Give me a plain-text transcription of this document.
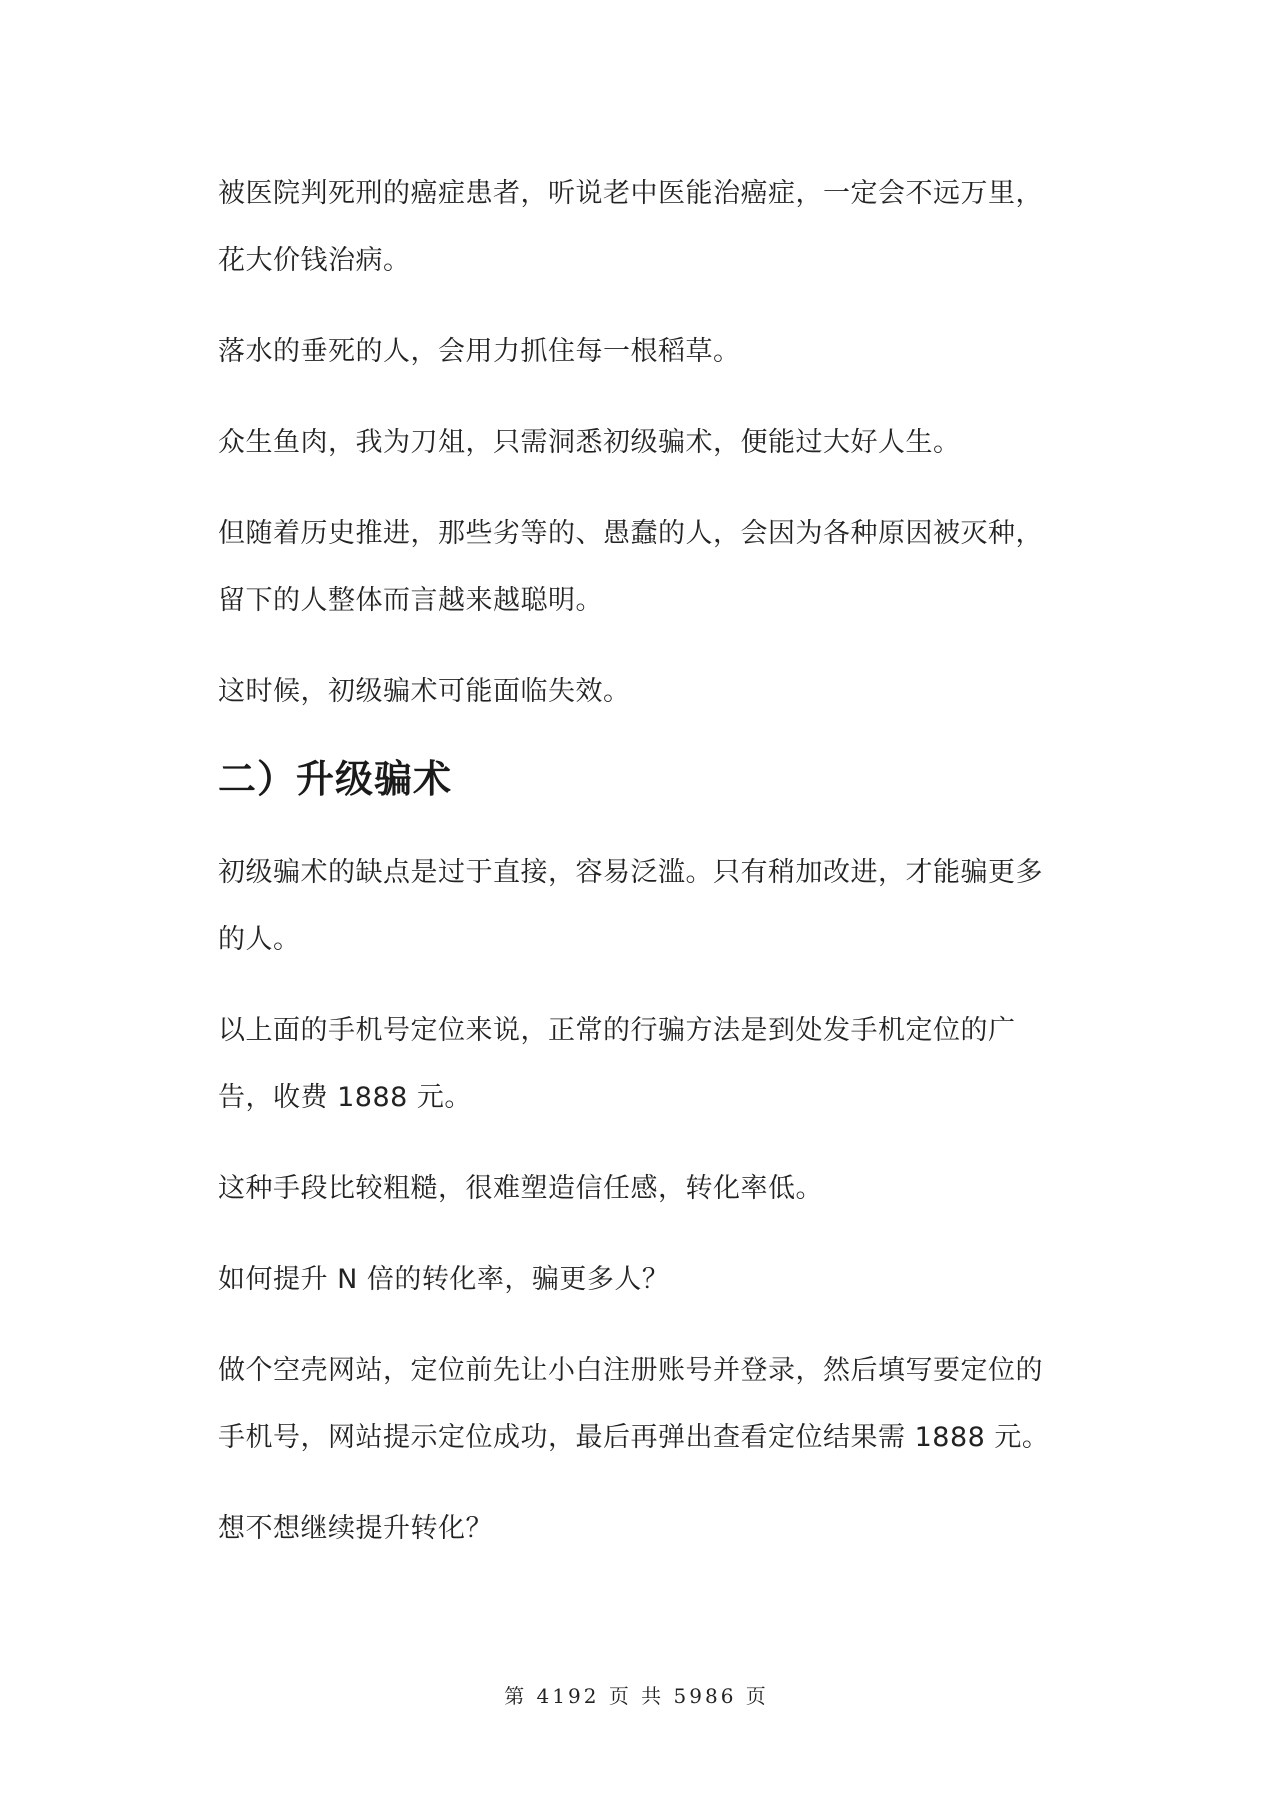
被医院判死刑的癌症患者，听说老中医能治癌症，一定会不远万里，花大价钱治病。

落水的垂死的人，会用力抓住每一根稻草。

众生鱼肉，我为刀俎，只需洞悉初级骗术，便能过大好人生。

但随着历史推进，那些劣等的、愚蠢的人，会因为各种原因被灭种，留下的人整体而言越来越聪明。

这时候，初级骗术可能面临失效。

二）升级骗术

初级骗术的缺点是过于直接，容易泛滥。只有稍加改进，才能骗更多的人。

以上面的手机号定位来说，正常的行骗方法是到处发手机定位的广告，收费 1888 元。

这种手段比较粗糙，很难塑造信任感，转化率低。

如何提升 N 倍的转化率，骗更多人？

做个空壳网站，定位前先让小白注册账号并登录，然后填写要定位的手机号，网站提示定位成功，最后再弹出查看定位结果需 1888 元。

想不想继续提升转化？

第 4192 页 共 5986 页
